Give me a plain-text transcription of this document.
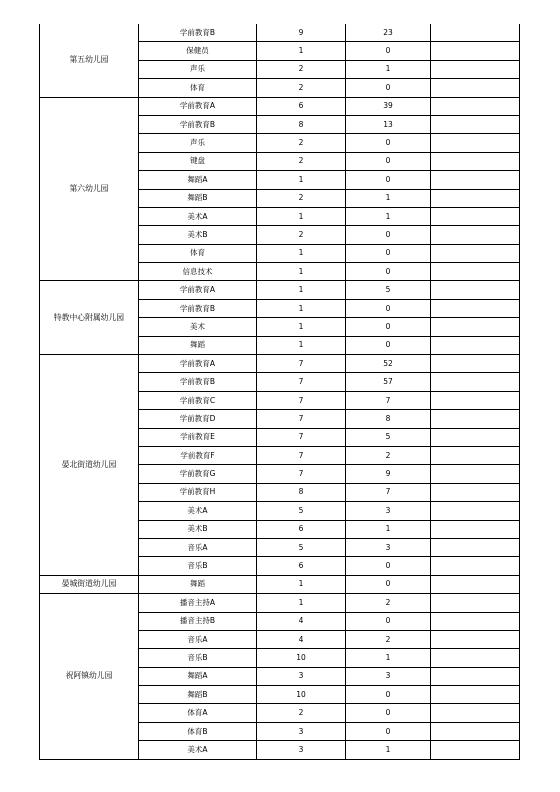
第五幼儿园	学前教育B	9	23	
	保健员	1	0	
	声乐	2	1	
	体育	2	0	
第六幼儿园	学前教育A	6	39	
	学前教育B	8	13	
	声乐	2	0	
	键盘	2	0	
	舞蹈A	1	0	
	舞蹈B	2	1	
	美术A	1	1	
	美术B	2	0	
	体育	1	0	
	信息技术	1	0	
特教中心附属幼儿园	学前教育A	1	5	
	学前教育B	1	0	
	美术	1	0	
	舞蹈	1	0	
晏北街道幼儿园	学前教育A	7	52	
	学前教育B	7	57	
	学前教育C	7	7	
	学前教育D	7	8	
	学前教育E	7	5	
	学前教育F	7	2	
	学前教育G	7	9	
	学前教育H	8	7	
	美术A	5	3	
	美术B	6	1	
	音乐A	5	3	
	音乐B	6	0	
晏城街道幼儿园	舞蹈	1	0	
祝阿镇幼儿园	播音主持A	1	2	
	播音主持B	4	0	
	音乐A	4	2	
	音乐B	10	1	
	舞蹈A	3	3	
	舞蹈B	10	0	
	体育A	2	0	
	体育B	3	0	
	美术A	3	1	
